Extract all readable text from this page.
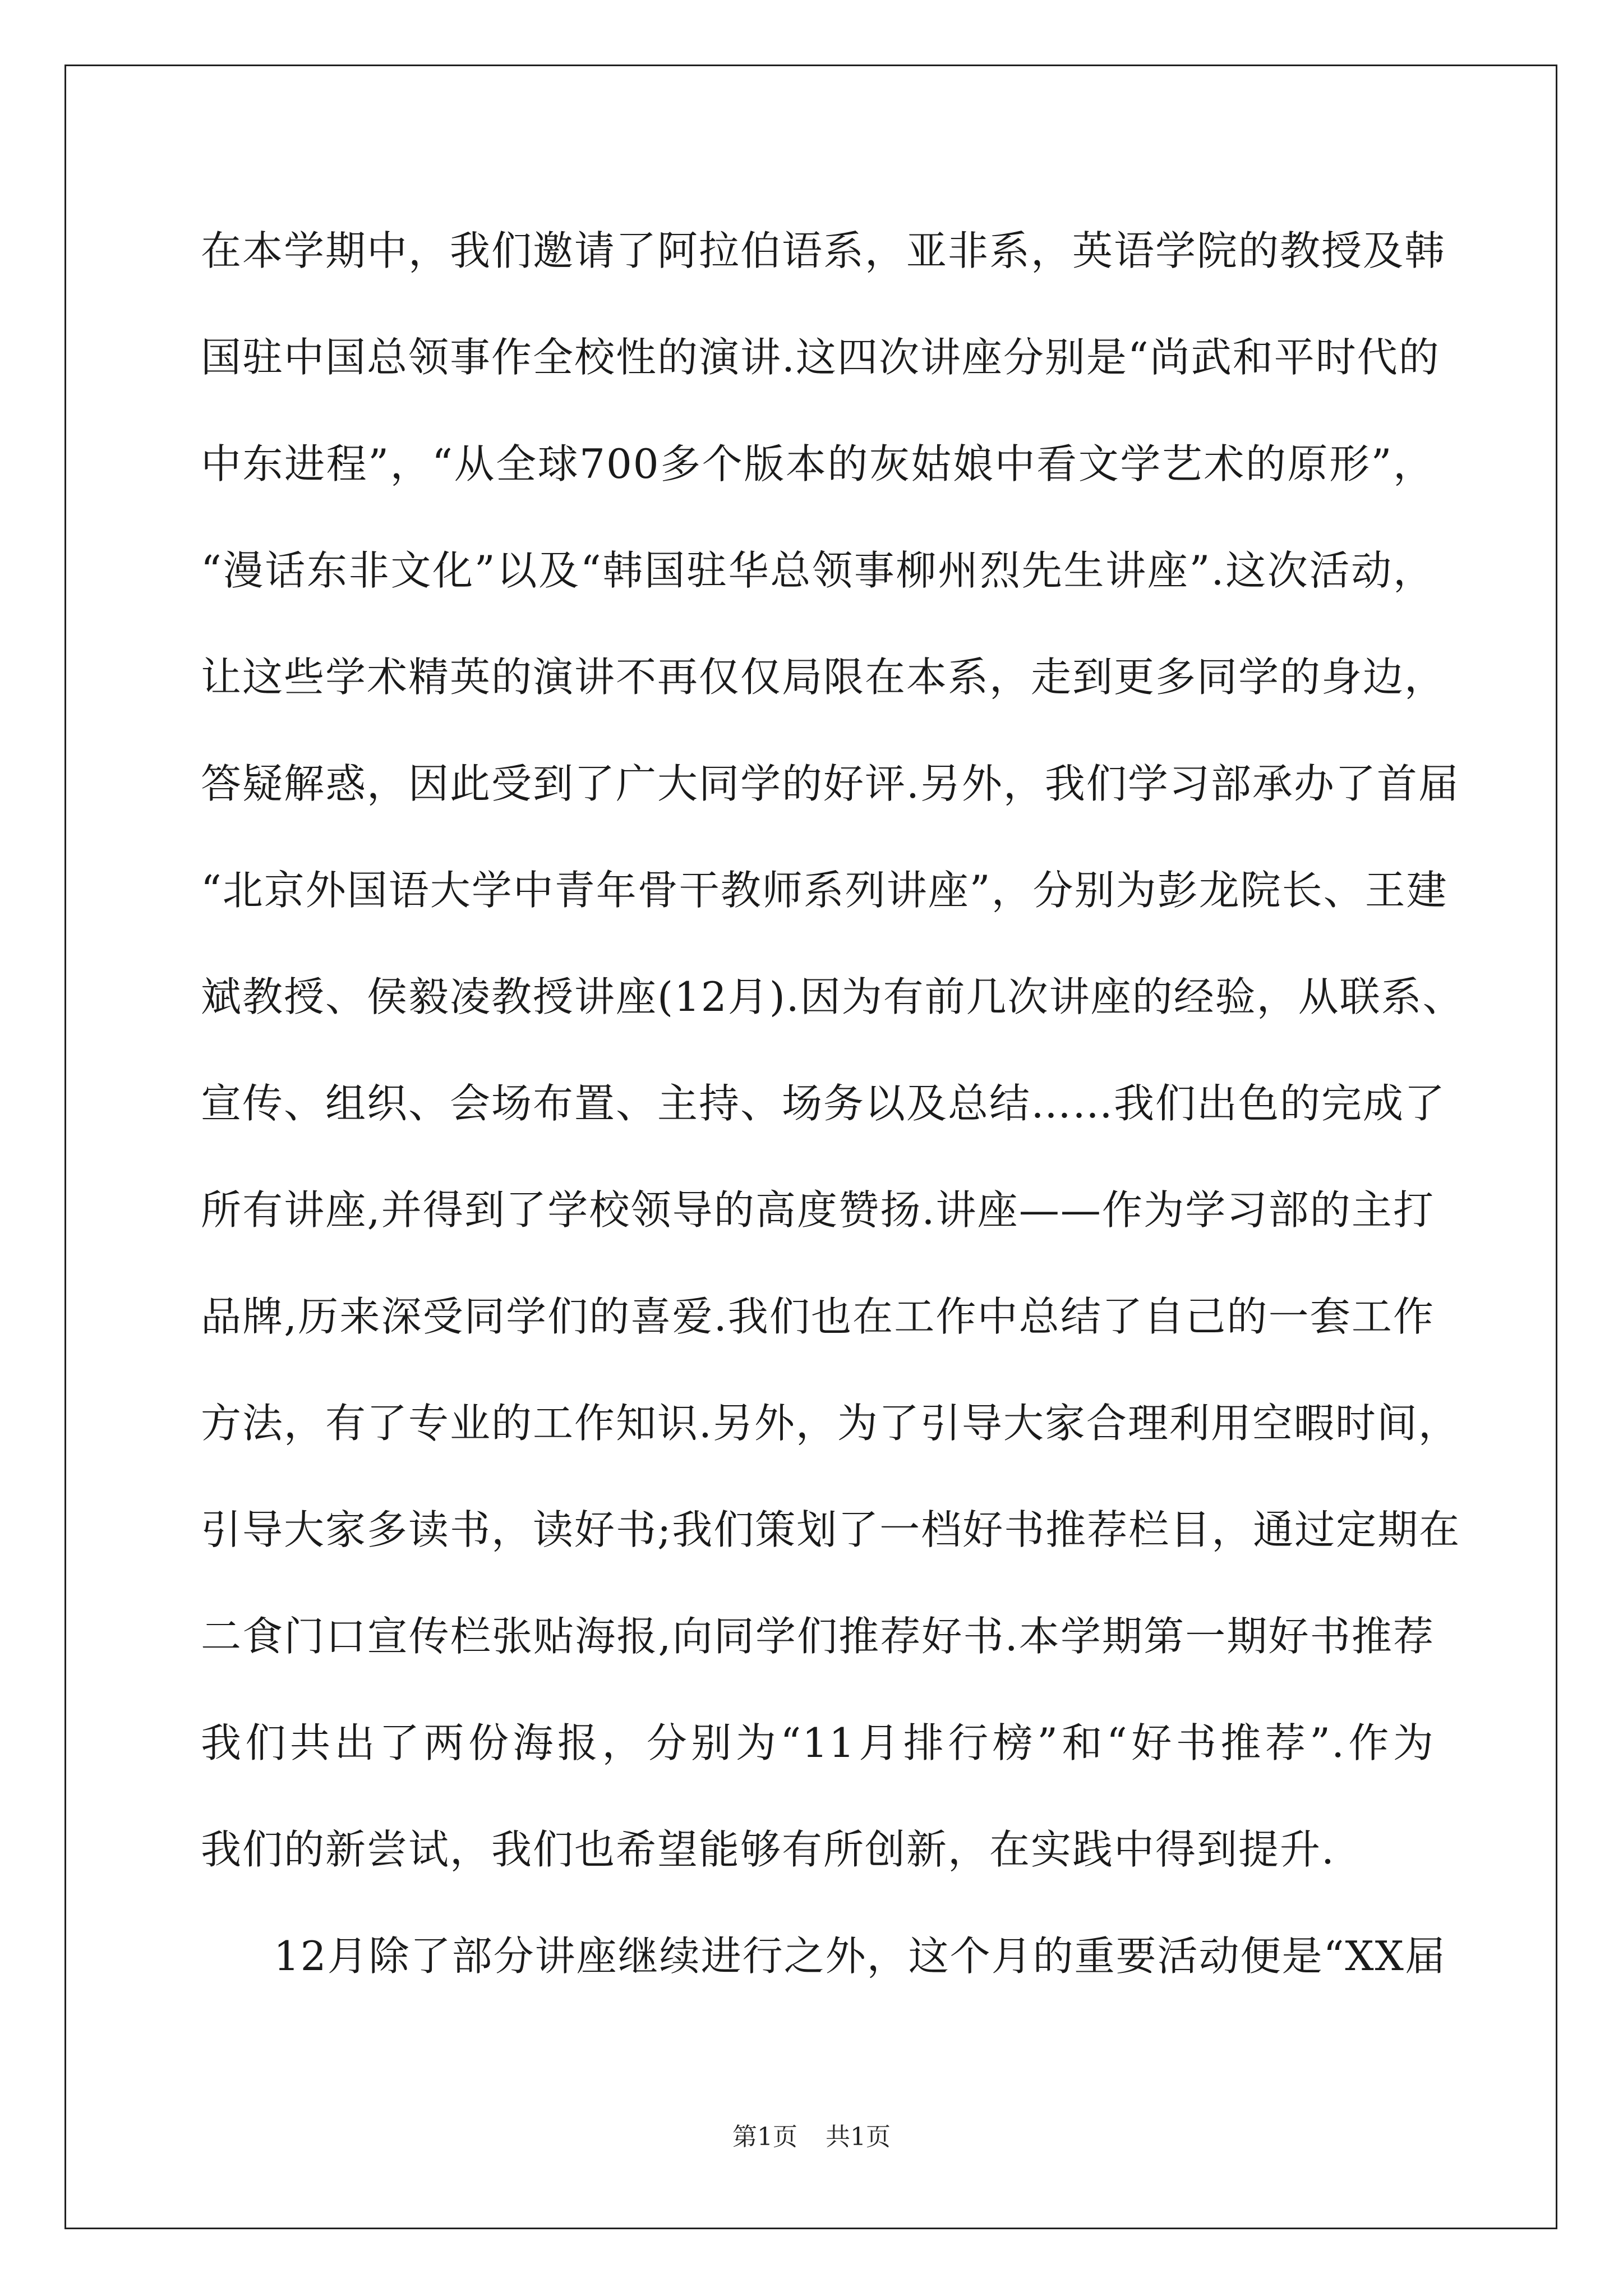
在本学期中，我们邀请了阿拉伯语系，亚非系，英语学院的教授及韩
国驻中国总领事作全校性的演讲.这四次讲座分别是“尚武和平时代的
中东进程”，“从全球700多个版本的灰姑娘中看文学艺术的原形”，
“漫话东非文化”以及“韩国驻华总领事柳州烈先生讲座”.这次活动，
让这些学术精英的演讲不再仅仅局限在本系，走到更多同学的身边，
答疑解惑，因此受到了广大同学的好评.另外，我们学习部承办了首届
“北京外国语大学中青年骨干教师系列讲座”，分别为彭龙院长、王建
斌教授、侯毅凌教授讲座(12月).因为有前几次讲座的经验，从联系、
宣传、组织、会场布置、主持、场务以及总结……我们出色的完成了
所有讲座,并得到了学校领导的高度赞扬.讲座——作为学习部的主打
品牌,历来深受同学们的喜爱.我们也在工作中总结了自己的一套工作
方法，有了专业的工作知识.另外，为了引导大家合理利用空暇时间，
引导大家多读书，读好书;我们策划了一档好书推荐栏目，通过定期在
二食门口宣传栏张贴海报,向同学们推荐好书.本学期第一期好书推荐
我们共出了两份海报，分别为“11月排行榜”和“好书推荐”.作为
我们的新尝试，我们也希望能够有所创新，在实践中得到提升.
12月除了部分讲座继续进行之外，这个月的重要活动便是“XX届
第1页 共1页
